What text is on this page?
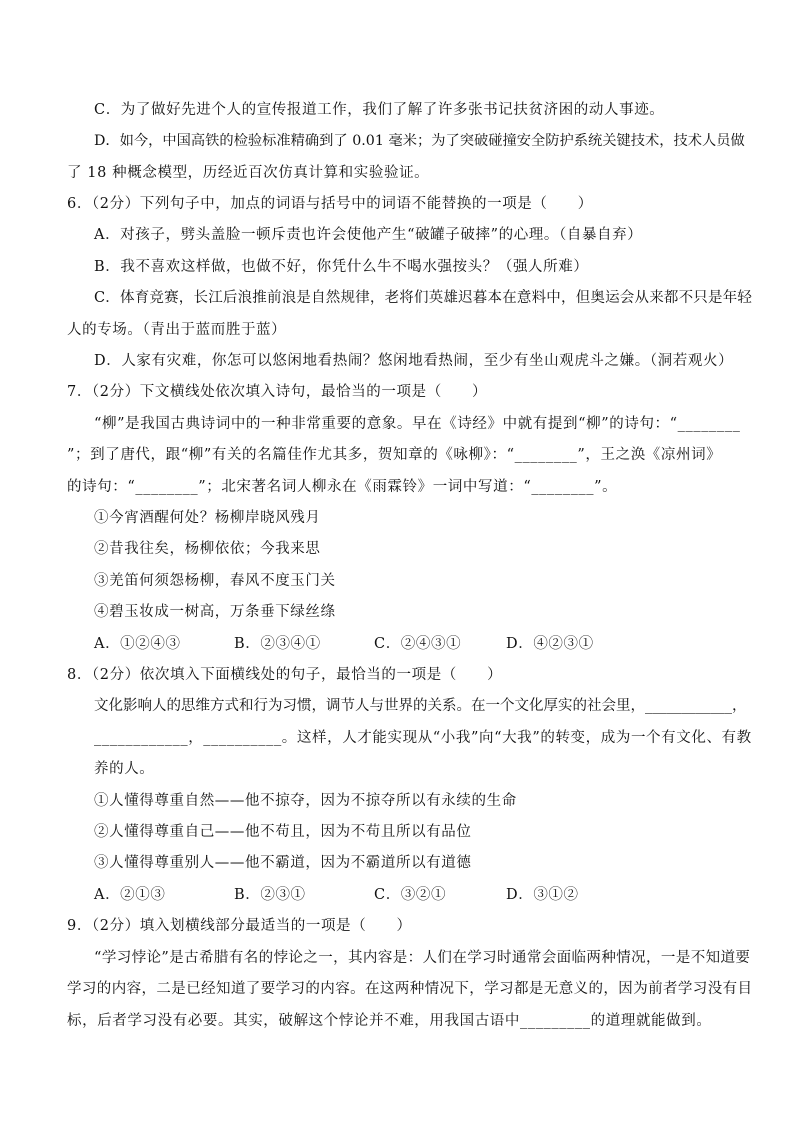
C．为了做好先进个人的宣传报道工作，我们了解了许多张书记扶贫济困的动人事迹。
D．如今，中国高铁的检验标准精确到了 0.01 毫米；为了突破碰撞安全防护系统关键技术，技术人员做
了 18 种概念模型，历经近百次仿真计算和实验验证。
6．（2分）下列句子中，加点的词语与括号中的词语不能替换的一项是（　　）
A．对孩子，劈头盖脸一顿斥责也许会使他产生“破罐子破摔”的心理。（自暴自弃）
B．我不喜欢这样做，也做不好，你凭什么牛不喝水强按头？（强人所难）
C．体育竞赛，长江后浪推前浪是自然规律，老将们英雄迟暮本在意料中，但奥运会从来都不只是年轻
人的专场。（青出于蓝而胜于蓝）
D．人家有灾难，你怎可以悠闲地看热闹？悠闲地看热闹，至少有坐山观虎斗之嫌。（洞若观火）
7．（2分）下文横线处依次填入诗句，最恰当的一项是（　　）
“柳”是我国古典诗词中的一种非常重要的意象。早在《诗经》中就有提到“柳”的诗句：“________
”；到了唐代，跟“柳”有关的名篇佳作尤其多，贺知章的《咏柳》：“________”，王之涣《凉州词》
的诗句：“________”；北宋著名词人柳永在《雨霖铃》一词中写道：“________”。
①今宵酒醒何处？杨柳岸晓风残月
②昔我往矣，杨柳依依；今我来思
③羌笛何须怨杨柳，春风不度玉门关
④碧玉妆成一树高，万条垂下绿丝绦
A．①②④③	B．②③④①	C．②④③①	D．④②③①
8．（2分）依次填入下面横线处的句子，最恰当的一项是（　　）
文化影响人的思维方式和行为习惯，调节人与世界的关系。在一个文化厚实的社会里，____________，
____________，__________。这样，人才能实现从“小我”向“大我”的转变，成为一个有文化、有教
养的人。
①人懂得尊重自然——他不掠夺，因为不掠夺所以有永续的生命
②人懂得尊重自己——他不苟且，因为不苟且所以有品位
③人懂得尊重别人——他不霸道，因为不霸道所以有道德
A．②①③	B．②③①	C．③②①	D．③①②
9．（2分）填入划横线部分最适当的一项是（　　）
“学习悖论”是古希腊有名的悖论之一，其内容是：人们在学习时通常会面临两种情况，一是不知道要
学习的内容，二是已经知道了要学习的内容。在这两种情况下，学习都是无意义的，因为前者学习没有目
标，后者学习没有必要。其实，破解这个悖论并不难，用我国古语中_________的道理就能做到。
